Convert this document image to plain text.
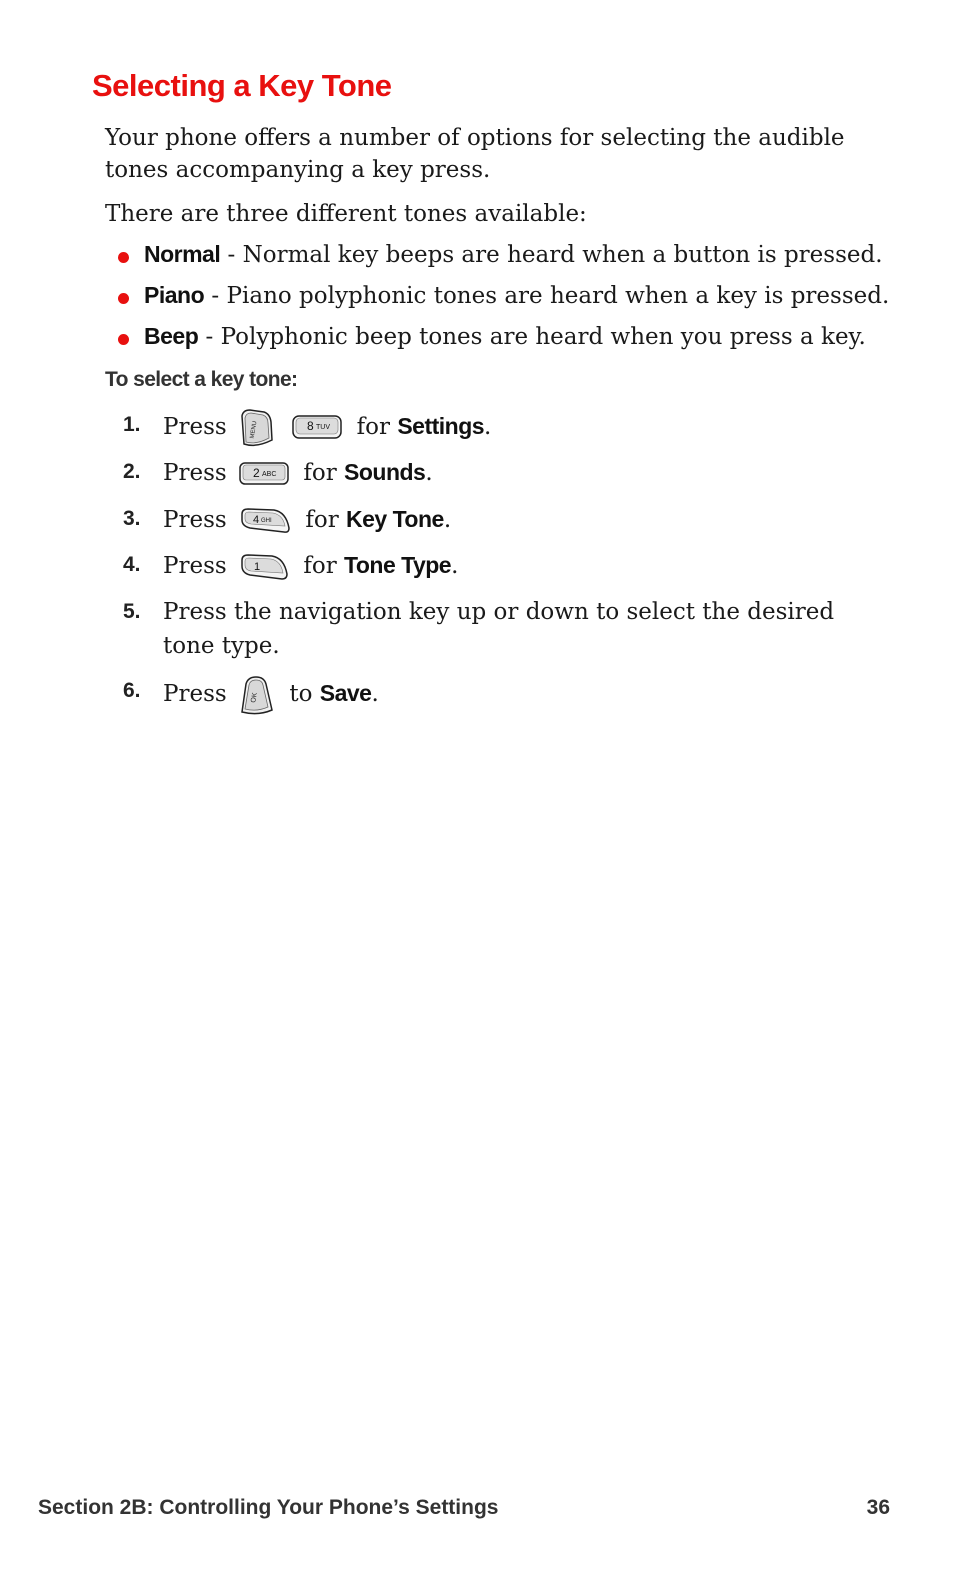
Selecting a Key Tone

Your phone offers a number of options for selecting the audible tones accompanying a key press.

There are three different tones available:

Normal - Normal key beeps are heard when a button is pressed.
Piano - Piano polyphonic tones are heard when a key is pressed.
Beep - Polyphonic beep tones are heard when you press a key.
To select a key tone:
1. Press	MENU
	8 TUV for Settings.
2. Press 2 ABC for Sounds.
3. Press 4 GHI for Key Tone.
4. Press 1 for Tone Type.
5. Press the navigation key up or down to select the desired tone type.
6. Press	OK to Save.

Section 2B: Controlling Your Phone’s Settings	36
